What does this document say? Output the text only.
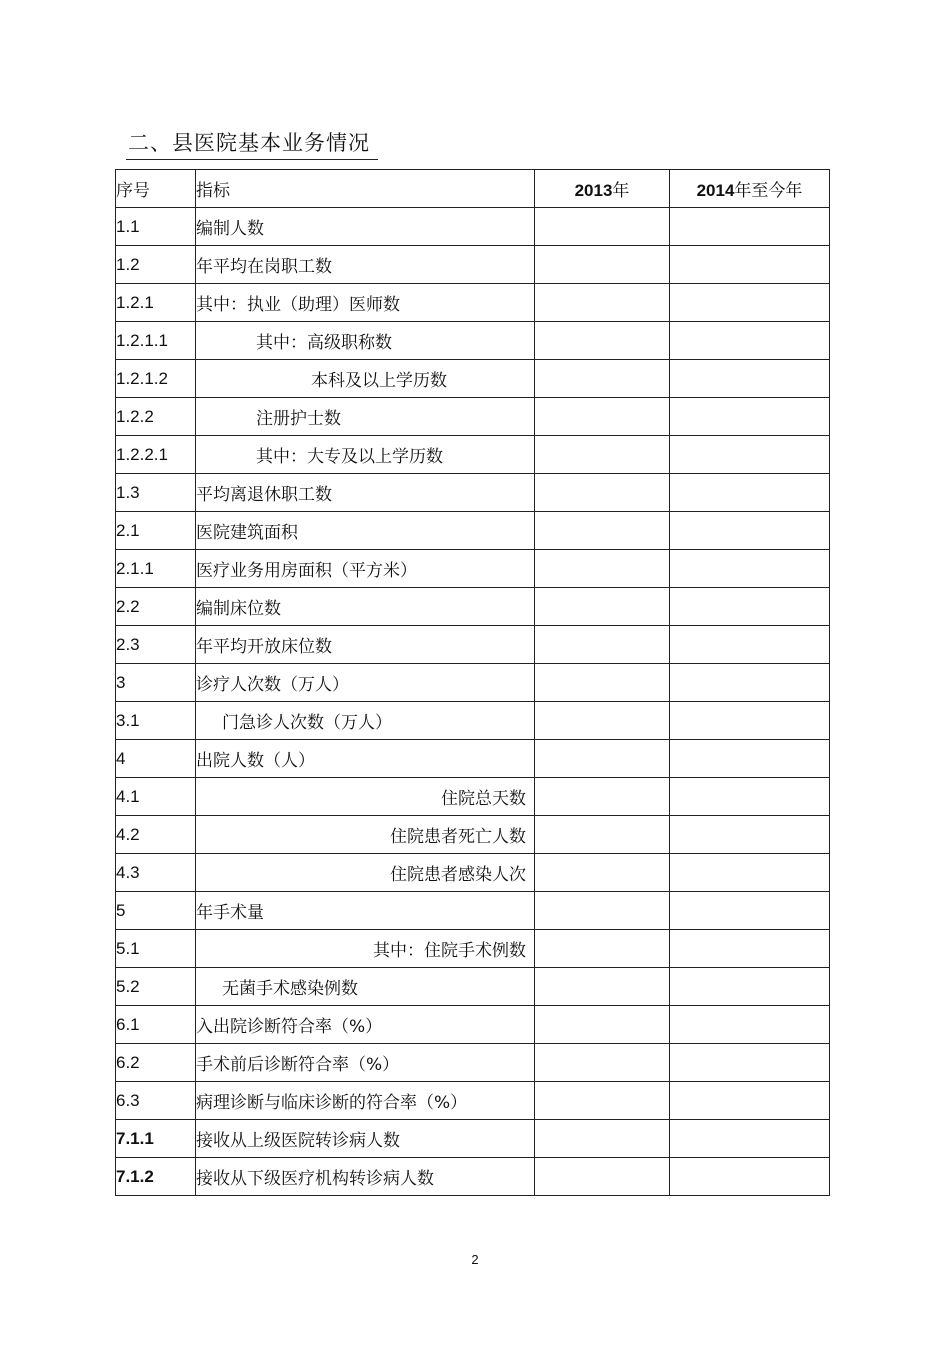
二、县医院基本业务情况
序号	指标	2013年	2014年至今年
1.1	编制人数		
1.2	年平均在岗职工数		
1.2.1	其中：执业（助理）医师数		
1.2.1.1	其中：高级职称数		
1.2.1.2	本科及以上学历数		
1.2.2	注册护士数		
1.2.2.1	其中：大专及以上学历数		
1.3	平均离退休职工数		
2.1	医院建筑面积		
2.1.1	医疗业务用房面积（平方米）		
2.2	编制床位数		
2.3	年平均开放床位数		
3	诊疗人次数（万人）		
3.1	门急诊人次数（万人）		
4	出院人数（人）		
4.1	住院总天数		
4.2	住院患者死亡人数		
4.3	住院患者感染人次		
5	年手术量		
5.1	其中：住院手术例数		
5.2	无菌手术感染例数		
6.1	入出院诊断符合率（%）		
6.2	手术前后诊断符合率（%）		
6.3	病理诊断与临床诊断的符合率（%）		
7.1.1	接收从上级医院转诊病人数		
7.1.2	接收从下级医疗机构转诊病人数		
2
